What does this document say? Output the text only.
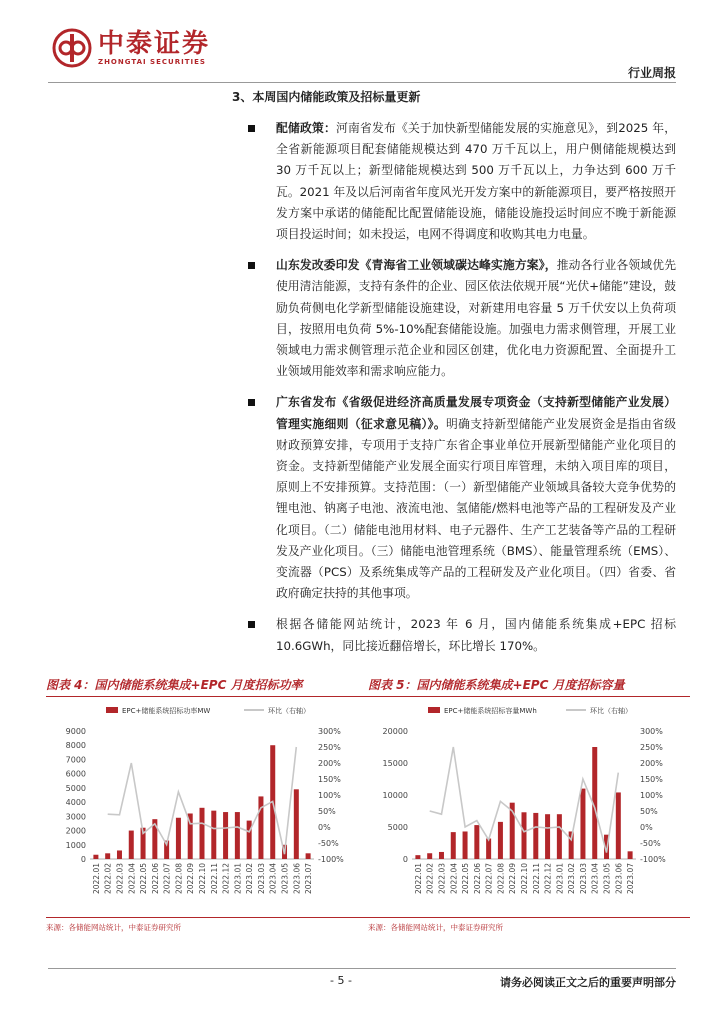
中泰证券
ZHONGTAI SECURITIES
行业周报
3、本周国内储能政策及招标量更新
配储政策：河南省发布《关于加快新型储能发展的实施意见》，到2025 年，全省新能源项目配套储能规模达到 470 万千瓦以上，用户侧储能规模达到 30 万千瓦以上；新型储能规模达到 500 万千瓦以上，力争达到 600 万千瓦。2021 年及以后河南省年度风光开发方案中的新能源项目，要严格按照开发方案中承诺的储能配比配置储能设施，储能设施投运时间应不晚于新能源项目投运时间；如未投运，电网不得调度和收购其电力电量。
山东发改委印发《青海省工业领域碳达峰实施方案》，推动各行业各领域优先使用清洁能源，支持有条件的企业、园区依法依规开展“光伏+储能”建设，鼓励负荷侧电化学新型储能设施建设，对新建用电容量 5 万千伏安以上负荷项目，按照用电负荷 5%-10%配套储能设施。加强电力需求侧管理，开展工业领域电力需求侧管理示范企业和园区创建，优化电力资源配置、全面提升工业领域用能效率和需求响应能力。
广东省发布《省级促进经济高质量发展专项资金（支持新型储能产业发展）管理实施细则（征求意见稿）》。明确支持新型储能产业发展资金是指由省级财政预算安排，专项用于支持广东省企事业单位开展新型储能产业化项目的资金。支持新型储能产业发展全面实行项目库管理，未纳入项目库的项目，原则上不安排预算。支持范围：（一）新型储能产业领域具备较大竞争优势的锂电池、钠离子电池、液流电池、氢储能/燃料电池等产品的工程研发及产业化项目。（二）储能电池用材料、电子元器件、生产工艺装备等产品的工程研发及产业化项目。（三）储能电池管理系统（BMS）、能量管理系统（EMS）、变流器（PCS）及系统集成等产品的工程研发及产业化项目。（四）省委、省政府确定扶持的其他事项。
根据各储能网站统计，2023 年 6 月，国内储能系统集成+EPC 招标 10.6GWh，同比接近翻倍增长，环比增长 170%。
图表 4：国内储能系统集成+EPC 月度招标功率
EPC+储能系统招标功率MW	环比（右轴）
0
1000
2000
3000
4000
5000
6000
7000
8000
9000
-100%
-50%
0%
50%
100%
150%
200%
250%
300%
2022.01 2022.02 2022.03 2022.04 2022.05 2022.06 2022.07 2022.08 2022.09 2022.10 2022.11 2022.12 2023.01 2023.02 2023.03 2023.04 2023.05 2023.06 2023.07
来源：各储能网站统计，中泰证券研究所
图表 5：国内储能系统集成+EPC 月度招标容量
EPC+储能系统招标容量MWh	环比（右轴）
0
5000
10000
15000
20000
-100%
-50%
0%
50%
100%
150%
200%
250%
300%
2022.01 2022.02 2022.03 2022.04 2022.05 2022.06 2022.07 2022.08 2022.09 2022.10 2022.11 2022.12 2023.01 2023.02 2023.03 2023.04 2023.05 2023.06 2023.07
来源：各储能网站统计，中泰证券研究所
- 5 -	请务必阅读正文之后的重要声明部分
